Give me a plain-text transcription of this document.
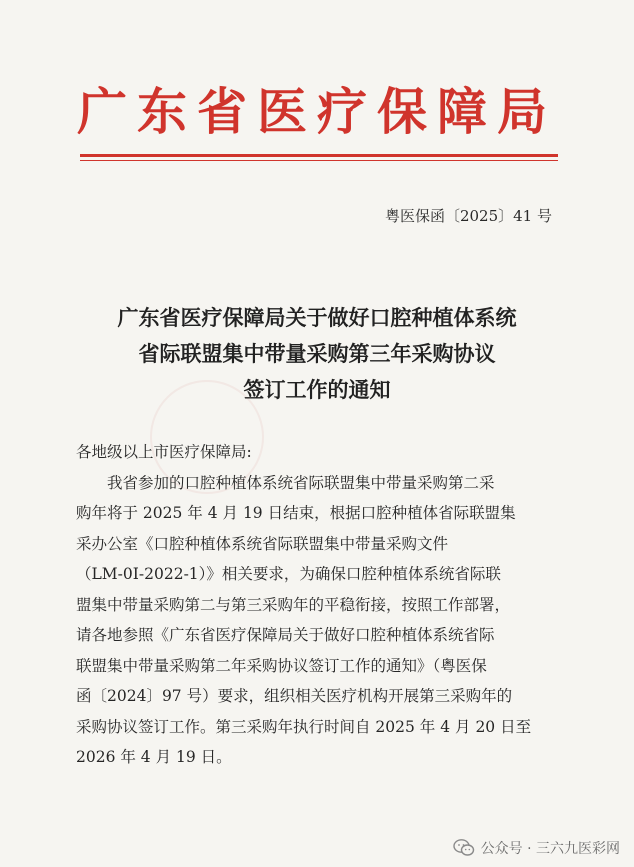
广东省医疗保障局
粤医保函〔2025〕41 号
广东省医疗保障局关于做好口腔种植体系统
省际联盟集中带量采购第三年采购协议
签订工作的通知
各地级以上市医疗保障局:
我省参加的口腔种植体系统省际联盟集中带量采购第二采
购年将于 2025 年 4 月 19 日结束，根据口腔种植体省际联盟集
采办公室《口腔种植体系统省际联盟集中带量采购文件
（LM-0I-2022-1）》相关要求，为确保口腔种植体系统省际联
盟集中带量采购第二与第三采购年的平稳衔接，按照工作部署，
请各地参照《广东省医疗保障局关于做好口腔种植体系统省际
联盟集中带量采购第二年采购协议签订工作的通知》（粤医保
函〔2024〕97 号）要求，组织相关医疗机构开展第三采购年的
采购协议签订工作。第三采购年执行时间自 2025 年 4 月 20 日至
2026 年 4 月 19 日。
公众号 · 三六九医彩网
